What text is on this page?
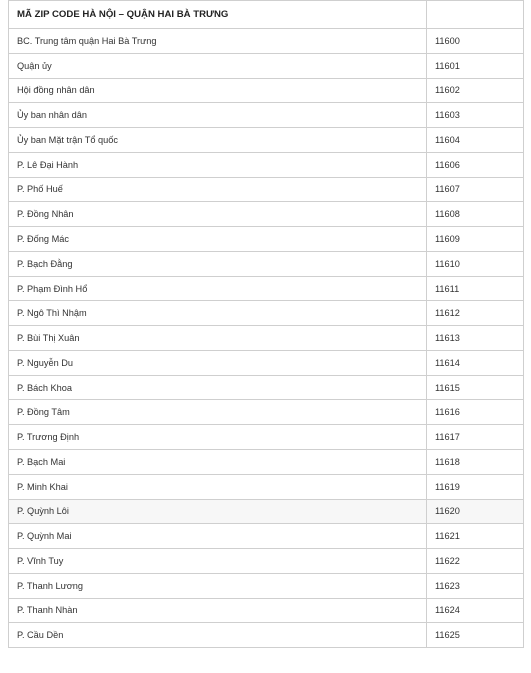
MÃ ZIP CODE HÀ NỘI – QUẬN HAI BÀ TRƯNG	
BC. Trung tâm quận Hai Bà Trưng	11600
Quận ủy	11601
Hội đồng nhân dân	11602
Ủy ban nhân dân	11603
Ủy ban Mặt trận Tổ quốc	11604
P. Lê Đại Hành	11606
P. Phố Huế	11607
P. Đồng Nhân	11608
P. Đống Mác	11609
P. Bạch Đằng	11610
P. Phạm Đình Hổ	11611
P. Ngô Thì Nhậm	11612
P. Bùi Thị Xuân	11613
P. Nguyễn Du	11614
P. Bách Khoa	11615
P. Đồng Tâm	11616
P. Trương Định	11617
P. Bạch Mai	11618
P. Minh Khai	11619
P. Quỳnh Lôi	11620
P. Quỳnh Mai	11621
P. Vĩnh Tuy	11622
P. Thanh Lương	11623
P. Thanh Nhàn	11624
P. Cầu Dền	11625
